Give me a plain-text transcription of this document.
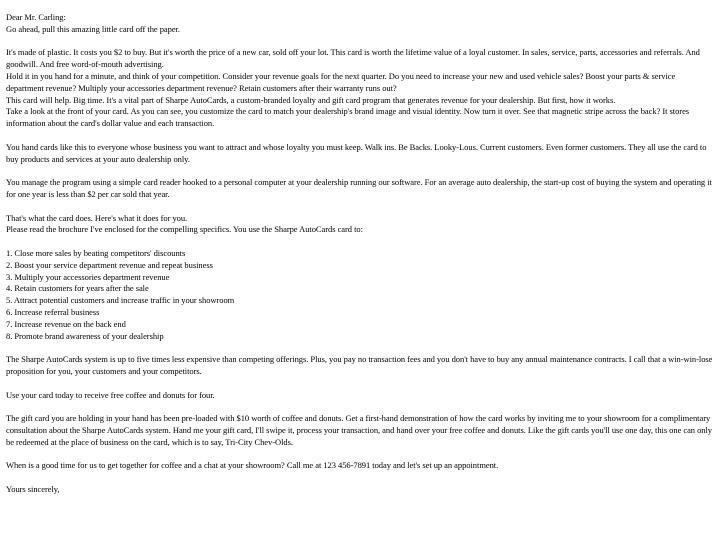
Dear Mr. Carling:
Go ahead, pull this amazing little card off the paper.
It's made of plastic. It costs you $2 to buy. But it's worth the price of a new car, sold off your lot. This card is worth the lifetime value of a loyal customer. In sales, service, parts, accessories and referrals. And goodwill. And free word-of-mouth advertising.
Hold it in you hand for a minute, and think of your competition. Consider your revenue goals for the next quarter. Do you need to increase your new and used vehicle sales? Boost your parts & service department revenue? Multiply your accessories department revenue? Retain customers after their warranty runs out?
This card will help. Big time. It's a vital part of Sharpe AutoCards, a custom-branded loyalty and gift card program that generates revenue for your dealership. But first, how it works.
Take a look at the front of your card. As you can see, you customize the card to match your dealership's brand image and visual identity. Now turn it over. See that magnetic stripe across the back? It stores information about the card's dollar value and each transaction.

You hand cards like this to everyone whose business you want to attract and whose loyalty you must keep. Walk ins. Be Backs. Looky-Lous. Current customers. Even former customers. They all use the card to buy products and services at your auto dealership only.

You manage the program using a simple card reader hooked to a personal computer at your dealership running our software. For an average auto dealership, the start-up cost of buying the system and operating it for one year is less than $2 per car sold that year.

That's what the card does. Here's what it does for you.
Please read the brochure I've enclosed for the compelling specifics. You use the Sharpe AutoCards card to:
1. Close more sales by beating competitors' discounts
2. Boost your service department revenue and repeat business
3. Multiply your accessories department revenue
4. Retain customers for years after the sale
5. Attract potential customers and increase traffic in your showroom
6. Increase referral business
7. Increase revenue on the back end
8. Promote brand awareness of your dealership

The Sharpe AutoCards system is up to five times less expensive than competing offerings. Plus, you pay no transaction fees and you don't have to buy any annual maintenance contracts. I call that a win-win-lose proposition for you, your customers and your competitors.

Use your card today to receive free coffee and donuts for four.

The gift card you are holding in your hand has been pre-loaded with $10 worth of coffee and donuts. Get a first-hand demonstration of how the card works by inviting me to your showroom for a complimentary consultation about the Sharpe AutoCards system. Hand me your gift card, I'll swipe it, process your transaction, and hand over your free coffee and donuts. Like the gift cards you'll use one day, this one can only be redeemed at the place of business on the card, which is to say, Tri-City Chev-Olds.

When is a good time for us to get together for coffee and a chat at your showroom? Call me at 123 456-7891 today and let's set up an appointment.

Yours sincerely,
